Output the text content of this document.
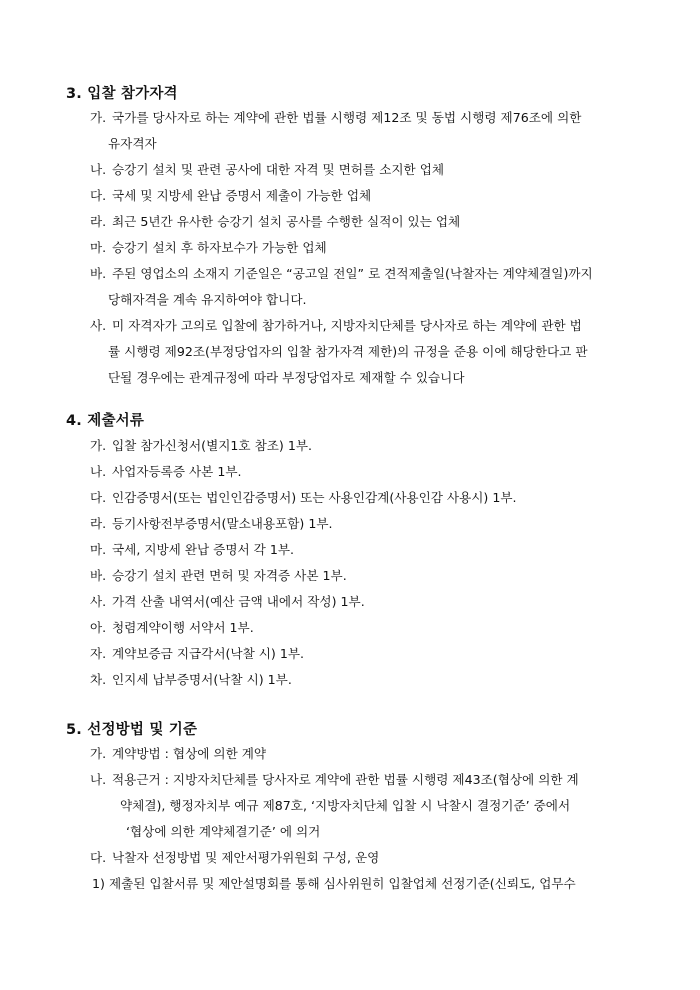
3. 입찰 참가자격
가. 국가를 당사자로 하는 계약에 관한 법률 시행령 제12조 및 동법 시행령 제76조에 의한
유자격자
나. 승강기 설치 및 관련 공사에 대한 자격 및 면허를 소지한 업체
다. 국세 및 지방세 완납 증명서 제출이 가능한 업체
라. 최근 5년간 유사한 승강기 설치 공사를 수행한 실적이 있는 업체
마. 승강기 설치 후 하자보수가 가능한 업체
바. 주된 영업소의 소재지 기준일은 “공고일 전일” 로 견적제출일(낙찰자는 계약체결일)까지
당해자격을 계속 유지하여야 합니다.
사. 미 자격자가 고의로 입찰에 참가하거나, 지방자치단체를 당사자로 하는 계약에 관한 법
률 시행령 제92조(부정당업자의 입찰 참가자격 제한)의 규정을 준용 이에 해당한다고 판
단될 경우에는 관계규정에 따라 부정당업자로 제재할 수 있습니다
4. 제출서류
가. 입찰 참가신청서(별지1호 참조) 1부.
나. 사업자등록증 사본 1부.
다. 인감증명서(또는 법인인감증명서) 또는 사용인감계(사용인감 사용시) 1부.
라. 등기사항전부증명서(말소내용포함) 1부.
마. 국세, 지방세 완납 증명서 각 1부.
바. 승강기 설치 관련 면허 및 자격증 사본 1부.
사. 가격 산출 내역서(예산 금액 내에서 작성) 1부.
아. 청렴계약이행 서약서 1부.
자. 계약보증금 지급각서(낙찰 시) 1부.
차. 인지세 납부증명서(낙찰 시) 1부.
5. 선정방법 및 기준
가. 계약방법 : 협상에 의한 계약
나. 적용근거 : 지방자치단체를 당사자로 계약에 관한 법률 시행령 제43조(협상에 의한 계
약체결), 행정자치부 예규 제87호, ‘지방자치단체 입찰 시 낙찰시 결정기준’ 중에서
‘협상에 의한 계약체결기준’ 에 의거
다. 낙찰자 선정방법 및 제안서평가위원회 구성, 운영
1) 제출된 입찰서류 및 제안설명회를 통해 심사위원히 입찰업체 선정기준(신뢰도, 업무수
